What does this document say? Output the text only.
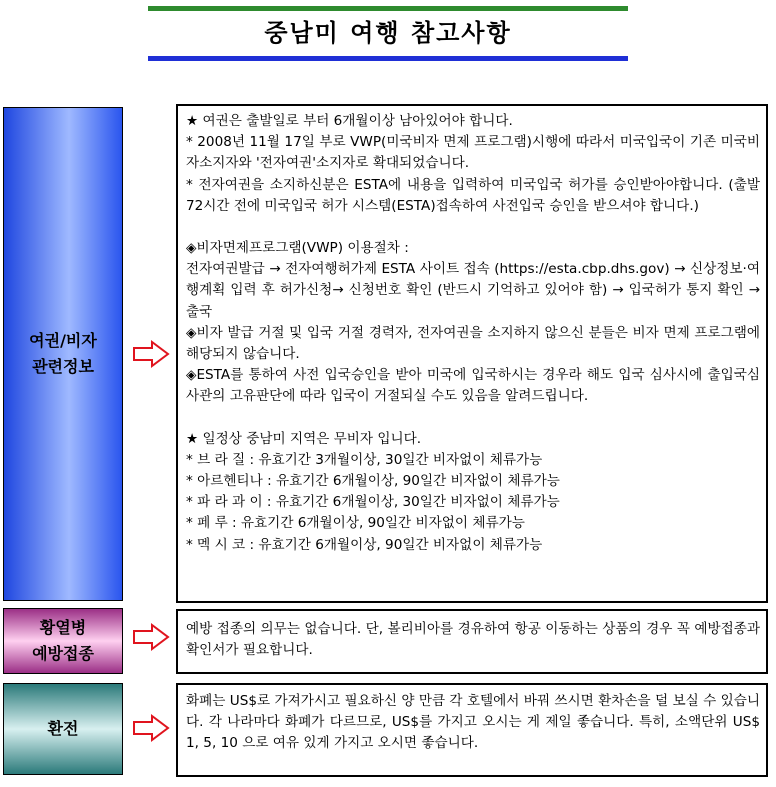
중남미 여행 참고사항
여권/비자
관련정보

★ 여권은 출발일로 부터 6개월이상 남아있어야 합니다.

* 2008년 11월 17일 부로 VWP(미국비자 면제 프로그램)시행에 따라서 미국입국이 기존 미국비자소지자와 '전자여권'소지자로 확대되었습니다.

* 전자여권을 소지하신분은 ESTA에 내용을 입력하여 미국입국 허가를 승인받아야합니다. (출발 72시간 전에 미국입국 허가 시스템(ESTA)접속하여 사전입국 승인을 받으셔야 합니다.)

◈비자면제프로그램(VWP) 이용절차 :

전자여권발급 → 전자여행허가제 ESTA 사이트 접속 (https://esta.cbp.dhs.gov) → 신상정보·여행계획 입력 후 허가신청→ 신청번호 확인 (반드시 기억하고 있어야 함) → 입국허가 통지 확인 → 출국

◈비자 발급 거절 및 입국 거절 경력자, 전자여권을 소지하지 않으신 분들은 비자 면제 프로그램에 해당되지 않습니다.

◈ESTA를 통하여 사전 입국승인을 받아 미국에 입국하시는 경우라 해도 입국 심사시에 출입국심사관의 고유판단에 따라 입국이 거절되실 수도 있음을 알려드립니다.

★ 일정상 중남미 지역은 무비자 입니다.

* 브 라 질 : 유효기간 3개월이상, 30일간 비자없이 체류가능

* 아르헨티나 : 유효기간 6개월이상, 90일간 비자없이 체류가능

* 파 라 과 이 : 유효기간 6개월이상, 30일간 비자없이 체류가능

* 페 루 : 유효기간 6개월이상, 90일간 비자없이 체류가능

* 멕 시 코 : 유효기간 6개월이상, 90일간 비자없이 체류가능

황열병
예방접종

예방 접종의 의무는 없습니다. 단, 볼리비아를 경유하여 항공 이동하는 상품의 경우 꼭 예방접종과 확인서가 필요합니다.

환전

화폐는 US$로 가져가시고 필요하신 양 만큼 각 호텔에서 바꿔 쓰시면 환차손을 덜 보실 수 있습니다. 각 나라마다 화폐가 다르므로, US$를 가지고 오시는 게 제일 좋습니다. 특히, 소액단위 US$ 1, 5, 10 으로 여유 있게 가지고 오시면 좋습니다.
